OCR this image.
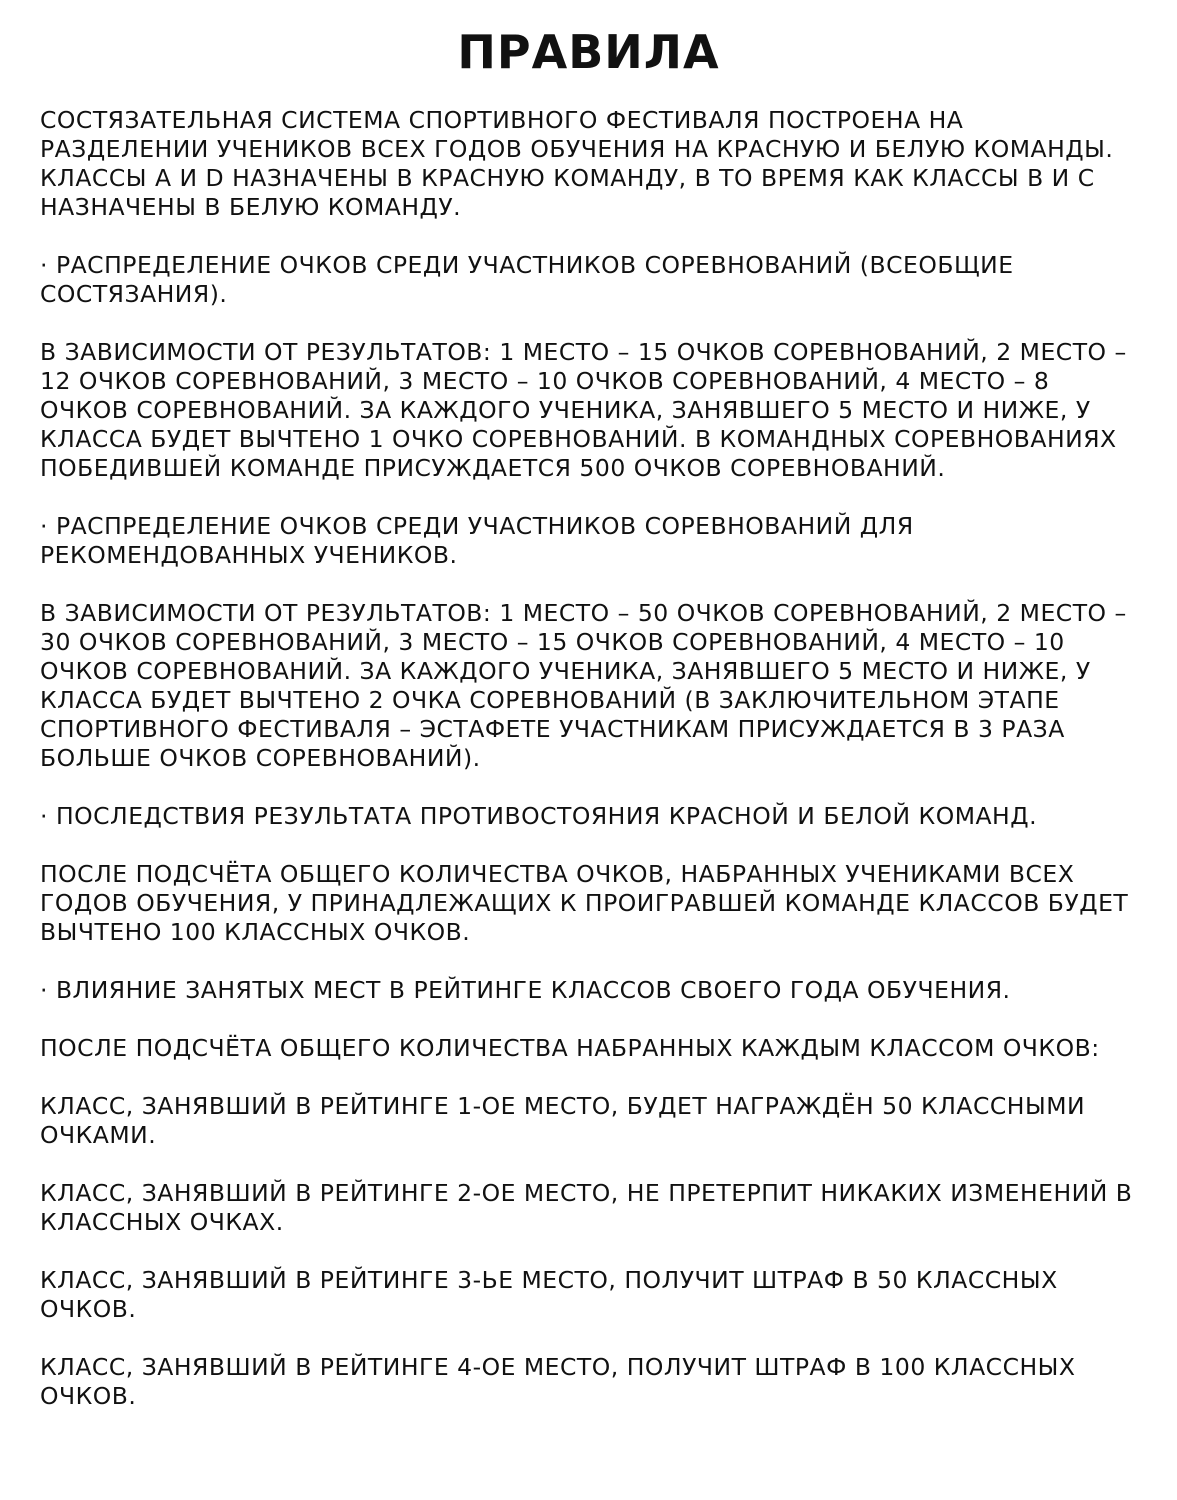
ПРАВИЛА
СОСТЯЗАТЕЛЬНАЯ СИСТЕМА СПОРТИВНОГО ФЕСТИВАЛЯ ПОСТРОЕНА НА РАЗДЕЛЕНИИ УЧЕНИКОВ ВСЕХ ГОДОВ ОБУЧЕНИЯ НА КРАСНУЮ И БЕЛУЮ КОМАНДЫ. КЛАССЫ A И D НАЗНАЧЕНЫ В КРАСНУЮ КОМАНДУ, В ТО ВРЕМЯ КАК КЛАССЫ B И C НАЗНАЧЕНЫ В БЕЛУЮ КОМАНДУ.
· РАСПРЕДЕЛЕНИЕ ОЧКОВ СРЕДИ УЧАСТНИКОВ СОРЕВНОВАНИЙ (ВСЕОБЩИЕ СОСТЯЗАНИЯ).
В ЗАВИСИМОСТИ ОТ РЕЗУЛЬТАТОВ: 1 МЕСТО – 15 ОЧКОВ СОРЕВНОВАНИЙ, 2 МЕСТО – 12 ОЧКОВ СОРЕВНОВАНИЙ, 3 МЕСТО – 10 ОЧКОВ СОРЕВНОВАНИЙ, 4 МЕСТО – 8 ОЧКОВ СОРЕВНОВАНИЙ. ЗА КАЖДОГО УЧЕНИКА, ЗАНЯВШЕГО 5 МЕСТО И НИЖЕ, У КЛАССА БУДЕТ ВЫЧТЕНО 1 ОЧКО СОРЕВНОВАНИЙ. В КОМАНДНЫХ СОРЕВНОВАНИЯХ ПОБЕДИВШЕЙ КОМАНДЕ ПРИСУЖДАЕТСЯ 500 ОЧКОВ СОРЕВНОВАНИЙ.
· РАСПРЕДЕЛЕНИЕ ОЧКОВ СРЕДИ УЧАСТНИКОВ СОРЕВНОВАНИЙ ДЛЯ РЕКОМЕНДОВАННЫХ УЧЕНИКОВ.
В ЗАВИСИМОСТИ ОТ РЕЗУЛЬТАТОВ: 1 МЕСТО – 50 ОЧКОВ СОРЕВНОВАНИЙ, 2 МЕСТО – 30 ОЧКОВ СОРЕВНОВАНИЙ, 3 МЕСТО – 15 ОЧКОВ СОРЕВНОВАНИЙ, 4 МЕСТО – 10 ОЧКОВ СОРЕВНОВАНИЙ. ЗА КАЖДОГО УЧЕНИКА, ЗАНЯВШЕГО 5 МЕСТО И НИЖЕ, У КЛАССА БУДЕТ ВЫЧТЕНО 2 ОЧКА СОРЕВНОВАНИЙ (В ЗАКЛЮЧИТЕЛЬНОМ ЭТАПЕ СПОРТИВНОГО ФЕСТИВАЛЯ – ЭСТАФЕТЕ УЧАСТНИКАМ ПРИСУЖДАЕТСЯ В 3 РАЗА БОЛЬШЕ ОЧКОВ СОРЕВНОВАНИЙ).
· ПОСЛЕДСТВИЯ РЕЗУЛЬТАТА ПРОТИВОСТОЯНИЯ КРАСНОЙ И БЕЛОЙ КОМАНД.
ПОСЛЕ ПОДСЧЁТА ОБЩЕГО КОЛИЧЕСТВА ОЧКОВ, НАБРАННЫХ УЧЕНИКАМИ ВСЕХ ГОДОВ ОБУЧЕНИЯ, У ПРИНАДЛЕЖАЩИХ К ПРОИГРАВШЕЙ КОМАНДЕ КЛАССОВ БУДЕТ ВЫЧТЕНО 100 КЛАССНЫХ ОЧКОВ.
· ВЛИЯНИЕ ЗАНЯТЫХ МЕСТ В РЕЙТИНГЕ КЛАССОВ СВОЕГО ГОДА ОБУЧЕНИЯ.
ПОСЛЕ ПОДСЧЁТА ОБЩЕГО КОЛИЧЕСТВА НАБРАННЫХ КАЖДЫМ КЛАССОМ ОЧКОВ:
КЛАСС, ЗАНЯВШИЙ В РЕЙТИНГЕ 1-ОЕ МЕСТО, БУДЕТ НАГРАЖДЁН 50 КЛАССНЫМИ ОЧКАМИ.
КЛАСС, ЗАНЯВШИЙ В РЕЙТИНГЕ 2-ОЕ МЕСТО, НЕ ПРЕТЕРПИТ НИКАКИХ ИЗМЕНЕНИЙ В КЛАССНЫХ ОЧКАХ.
КЛАСС, ЗАНЯВШИЙ В РЕЙТИНГЕ 3-ЬЕ МЕСТО, ПОЛУЧИТ ШТРАФ В 50 КЛАССНЫХ ОЧКОВ.
КЛАСС, ЗАНЯВШИЙ В РЕЙТИНГЕ 4-ОЕ МЕСТО, ПОЛУЧИТ ШТРАФ В 100 КЛАССНЫХ ОЧКОВ.
